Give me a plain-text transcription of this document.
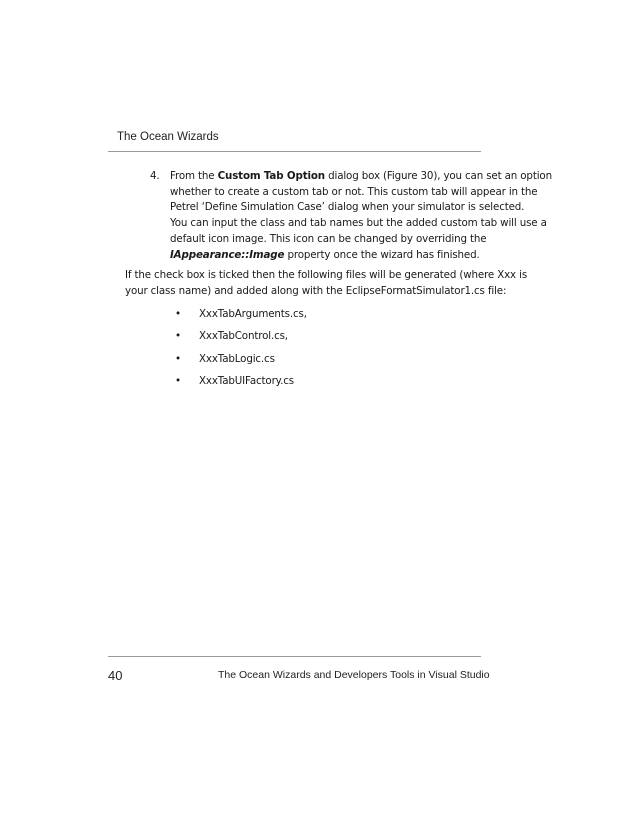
The Ocean Wizards
4. From the Custom Tab Option dialog box (Figure 30), you can set an option
whether to create a custom tab or not. This custom tab will appear in the
Petrel ‘Define Simulation Case’ dialog when your simulator is selected.
You can input the class and tab names but the added custom tab will use a
default icon image. This icon can be changed by overriding the
IAppearance::Image property once the wizard has finished.
If the check box is ticked then the following files will be generated (where Xxx is
your class name) and added along with the EclipseFormatSimulator1.cs file:
• XxxTabArguments.cs,
• XxxTabControl.cs,
• XxxTabLogic.cs
• XxxTabUIFactory.cs
40	The Ocean Wizards and Developers Tools in Visual Studio
